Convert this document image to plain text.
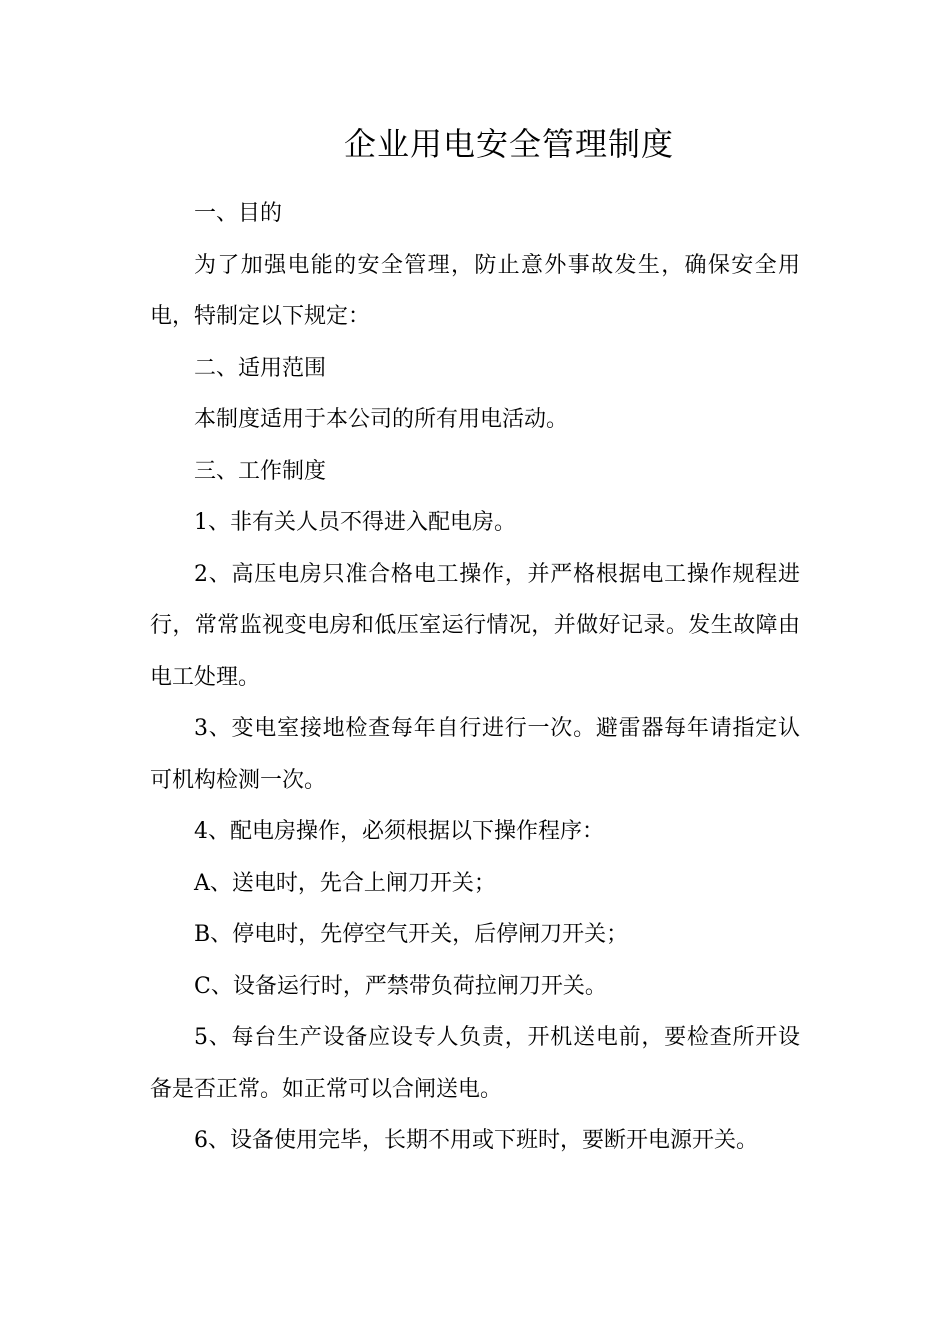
企业用电安全管理制度

一、目的

为了加强电能的安全管理，防止意外事故发生，确保安全用电，特制定以下规定：

二、适用范围

本制度适用于本公司的所有用电活动。

三、工作制度

1、非有关人员不得进入配电房。

2、高压电房只准合格电工操作，并严格根据电工操作规程进行，常常监视变电房和低压室运行情况，并做好记录。发生故障由电工处理。

3、变电室接地检查每年自行进行一次。避雷器每年请指定认可机构检测一次。

4、配电房操作，必须根据以下操作程序：

A、送电时，先合上闸刀开关；

B、停电时，先停空气开关，后停闸刀开关；

C、设备运行时，严禁带负荷拉闸刀开关。

5、每台生产设备应设专人负责，开机送电前，要检查所开设备是否正常。如正常可以合闸送电。

6、设备使用完毕，长期不用或下班时，要断开电源开关。
